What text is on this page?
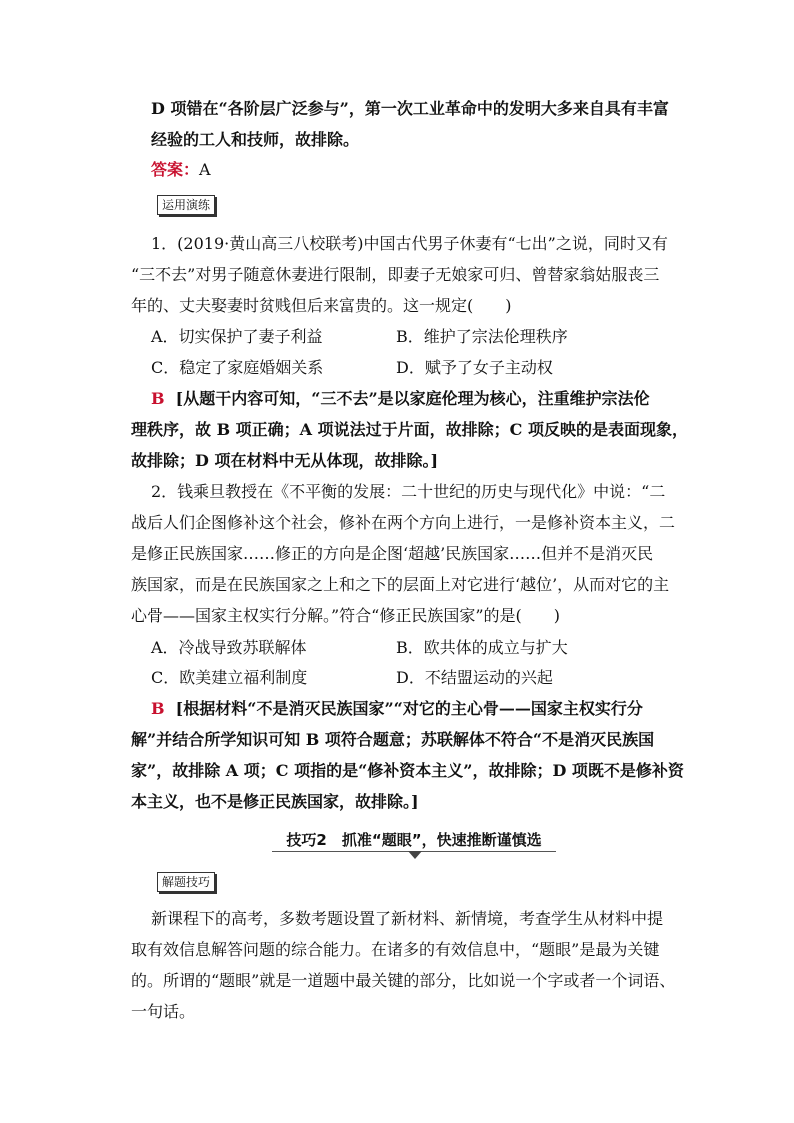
D 项错在“各阶层广泛参与”，第一次工业革命中的发明大多来自具有丰富
经验的工人和技师，故排除。
答案：A
运用演练
1．(2019·黄山高三八校联考)中国古代男子休妻有“七出”之说，同时又有
“三不去”对男子随意休妻进行限制，即妻子无娘家可归、曾替家翁姑服丧三
年的、丈夫娶妻时贫贱但后来富贵的。这一规定(　　)
A．切实保护了妻子利益	B．维护了宗法伦理秩序
C．稳定了家庭婚姻关系	D．赋予了女子主动权
B [从题干内容可知，“三不去”是以家庭伦理为核心，注重维护宗法伦
理秩序，故 B 项正确；A 项说法过于片面，故排除；C 项反映的是表面现象，
故排除；D 项在材料中无从体现，故排除。]
2．钱乘旦教授在《不平衡的发展：二十世纪的历史与现代化》中说：“二
战后人们企图修补这个社会，修补在两个方向上进行，一是修补资本主义，二
是修正民族国家……修正的方向是企图‘超越’民族国家……但并不是消灭民
族国家，而是在民族国家之上和之下的层面上对它进行‘越位’，从而对它的主
心骨——国家主权实行分解。”符合“修正民族国家”的是(　　)
A．冷战导致苏联解体	B．欧共体的成立与扩大
C．欧美建立福利制度	D．不结盟运动的兴起
B [根据材料“不是消灭民族国家”“对它的主心骨——国家主权实行分
解”并结合所学知识可知 B 项符合题意；苏联解体不符合“不是消灭民族国
家”，故排除 A 项；C 项指的是“修补资本主义”，故排除；D 项既不是修补资
本主义，也不是修正民族国家，故排除。]
技巧2　抓准“题眼”，快速推断谨慎选
解题技巧
新课程下的高考，多数考题设置了新材料、新情境，考查学生从材料中提
取有效信息解答问题的综合能力。在诸多的有效信息中，“题眼”是最为关键
的。所谓的“题眼”就是一道题中最关键的部分，比如说一个字或者一个词语、
一句话。
